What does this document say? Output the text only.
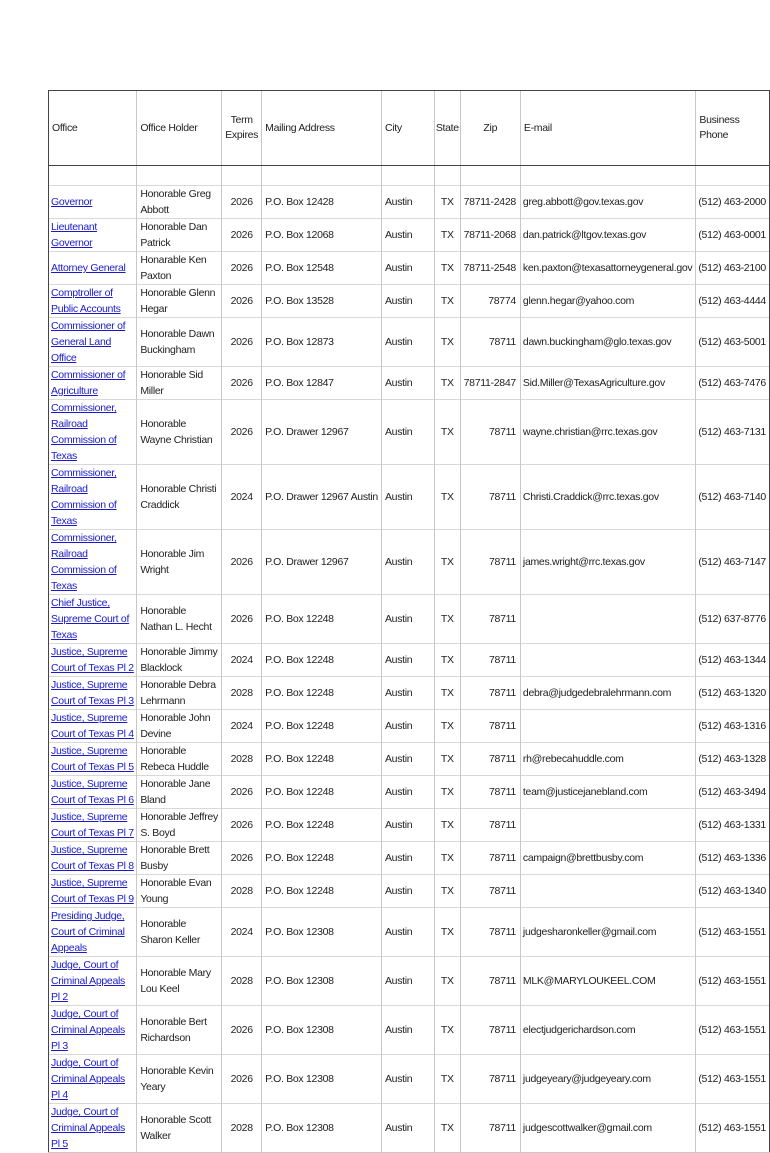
Office	Office Holder	Term Expires	Mailing Address	City	State	Zip	E-mail	Business Phone

Governor	Honorable Greg Abbott	2026	P.O. Box 12428	Austin	TX	78711-2428	greg.abbott@gov.texas.gov	(512) 463-2000
Lieutenant Governor	Honorable Dan Patrick	2026	P.O. Box 12068	Austin	TX	78711-2068	dan.patrick@ltgov.texas.gov	(512) 463-0001
Attorney General	Honarable Ken Paxton	2026	P.O. Box 12548	Austin	TX	78711-2548	ken.paxton@texasattorneygeneral.gov	(512) 463-2100
Comptroller of Public Accounts	Honorable Glenn Hegar	2026	P.O. Box 13528	Austin	TX	78774	glenn.hegar@yahoo.com	(512) 463-4444
Commissioner of General Land Office	Honorable Dawn Buckingham	2026	P.O. Box 12873	Austin	TX	78711	dawn.buckingham@glo.texas.gov	(512) 463-5001
Commissioner of Agriculture	Honorable Sid Miller	2026	P.O. Box 12847	Austin	TX	78711-2847	Sid.Miller@TexasAgriculture.gov	(512) 463-7476
Commissioner, Railroad Commission of Texas	Honorable Wayne Christian	2026	P.O. Drawer 12967	Austin	TX	78711	wayne.christian@rrc.texas.gov	(512) 463-7131
Commissioner, Railroad Commission of Texas	Honorable Christi Craddick	2024	P.O. Drawer 12967 Austin	Austin	TX	78711	Christi.Craddick@rrc.texas.gov	(512) 463-7140
Commissioner, Railroad Commission of Texas	Honorable Jim Wright	2026	P.O. Drawer 12967	Austin	TX	78711	james.wright@rrc.texas.gov	(512) 463-7147
Chief Justice, Supreme Court of Texas	Honorable Nathan L. Hecht	2026	P.O. Box 12248	Austin	TX	78711		(512) 637-8776
Justice, Supreme Court of Texas Pl 2	Honorable Jimmy Blacklock	2024	P.O. Box 12248	Austin	TX	78711		(512) 463-1344
Justice, Supreme Court of Texas Pl 3	Honorable Debra Lehrmann	2028	P.O. Box 12248	Austin	TX	78711	debra@judgedebralehrmann.com	(512) 463-1320
Justice, Supreme Court of Texas Pl 4	Honorable John Devine	2024	P.O. Box 12248	Austin	TX	78711		(512) 463-1316
Justice, Supreme Court of Texas Pl 5	Honorable Rebeca Huddle	2028	P.O. Box 12248	Austin	TX	78711	rh@rebecahuddle.com	(512) 463-1328
Justice, Supreme Court of Texas Pl 6	Honorable Jane Bland	2026	P.O. Box 12248	Austin	TX	78711	team@justicejanebland.com	(512) 463-3494
Justice, Supreme Court of Texas Pl 7	Honorable Jeffrey S. Boyd	2026	P.O. Box 12248	Austin	TX	78711		(512) 463-1331
Justice, Supreme Court of Texas Pl 8	Honorable Brett Busby	2026	P.O. Box 12248	Austin	TX	78711	campaign@brettbusby.com	(512) 463-1336
Justice, Supreme Court of Texas Pl 9	Honorable Evan Young	2028	P.O. Box 12248	Austin	TX	78711		(512) 463-1340
Presiding Judge, Court of Criminal Appeals	Honorable Sharon Keller	2024	P.O. Box 12308	Austin	TX	78711	judgesharonkeller@gmail.com	(512) 463-1551
Judge, Court of Criminal Appeals Pl 2	Honorable Mary Lou Keel	2028	P.O. Box 12308	Austin	TX	78711	MLK@MARYLOUKEEL.COM	(512) 463-1551
Judge, Court of Criminal Appeals Pl 3	Honorable Bert Richardson	2026	P.O. Box 12308	Austin	TX	78711	electjudgerichardson.com	(512) 463-1551
Judge, Court of Criminal Appeals Pl 4	Honorable Kevin Yeary	2026	P.O. Box 12308	Austin	TX	78711	judgeyeary@judgeyeary.com	(512) 463-1551
Judge, Court of Criminal Appeals Pl 5	Honorable Scott Walker	2028	P.O. Box 12308	Austin	TX	78711	judgescottwalker@gmail.com	(512) 463-1551
